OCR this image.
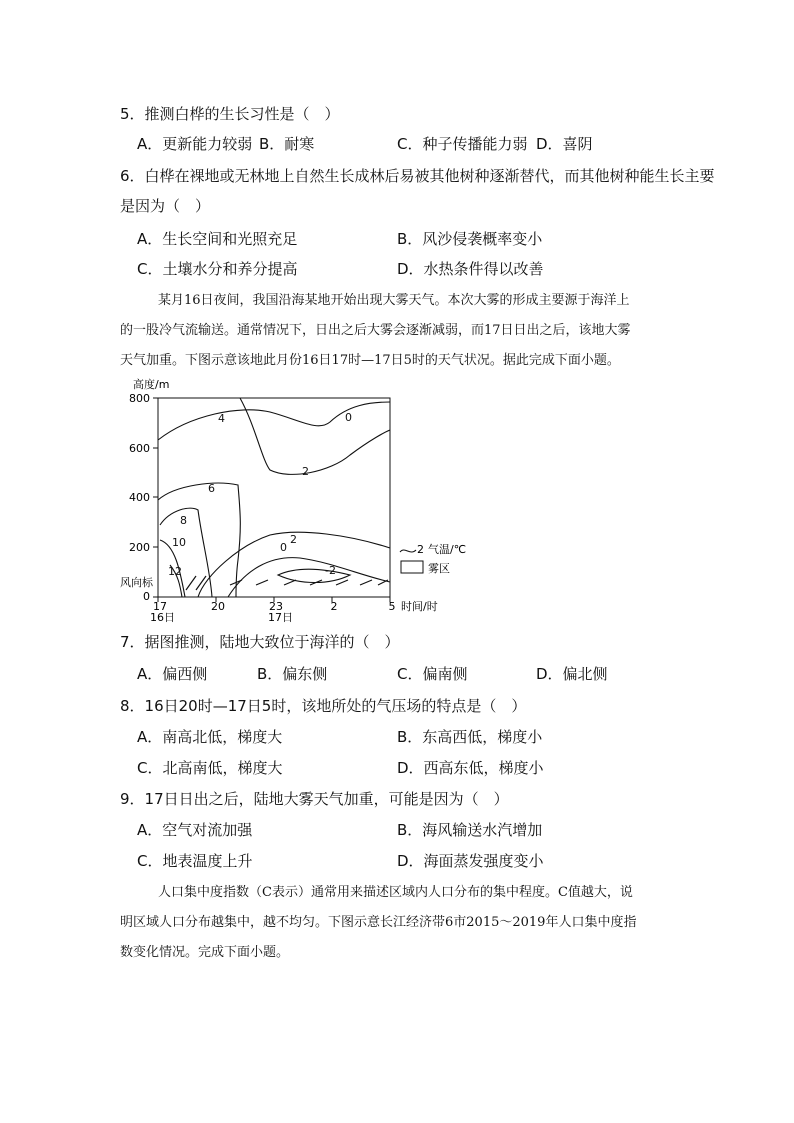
5．推测白桦的生长习性是（　）
A．更新能力较弱 B．耐寒	C．种子传播能力弱 D．喜阴
6．白桦在裸地或无林地上自然生长成林后易被其他树种逐渐替代，而其他树种能生长主要
是因为（　）
A．生长空间和光照充足	B．风沙侵袭概率变小
C．土壤水分和养分提高	D．水热条件得以改善
某月16日夜间，我国沿海某地开始出现大雾天气。本次大雾的形成主要源于海洋上
的一股冷气流输送。通常情况下，日出之后大雾会逐渐减弱，而17日日出之后，该地大雾
天气加重。下图示意该地此月份16日17时—17日5时的天气状况。据此完成下面小题。
高度/m
800
600
400
200
0
风向标
17	20	23	2	5
16日	17日
时间/时
4	0
2
6
8
10
12
2
0
-2
2 气温/℃
雾区
7．据图推测，陆地大致位于海洋的（　）
A．偏西侧	B．偏东侧	C．偏南侧	D．偏北侧
8．16日20时—17日5时，该地所处的气压场的特点是（　）
A．南高北低，梯度大	B．东高西低，梯度小
C．北高南低，梯度大	D．西高东低，梯度小
9．17日日出之后，陆地大雾天气加重，可能是因为（　）
A．空气对流加强	B．海风输送水汽增加
C．地表温度上升	D．海面蒸发强度变小
人口集中度指数（C表示）通常用来描述区域内人口分布的集中程度。C值越大，说
明区域人口分布越集中，越不均匀。下图示意长江经济带6市2015～2019年人口集中度指
数变化情况。完成下面小题。
